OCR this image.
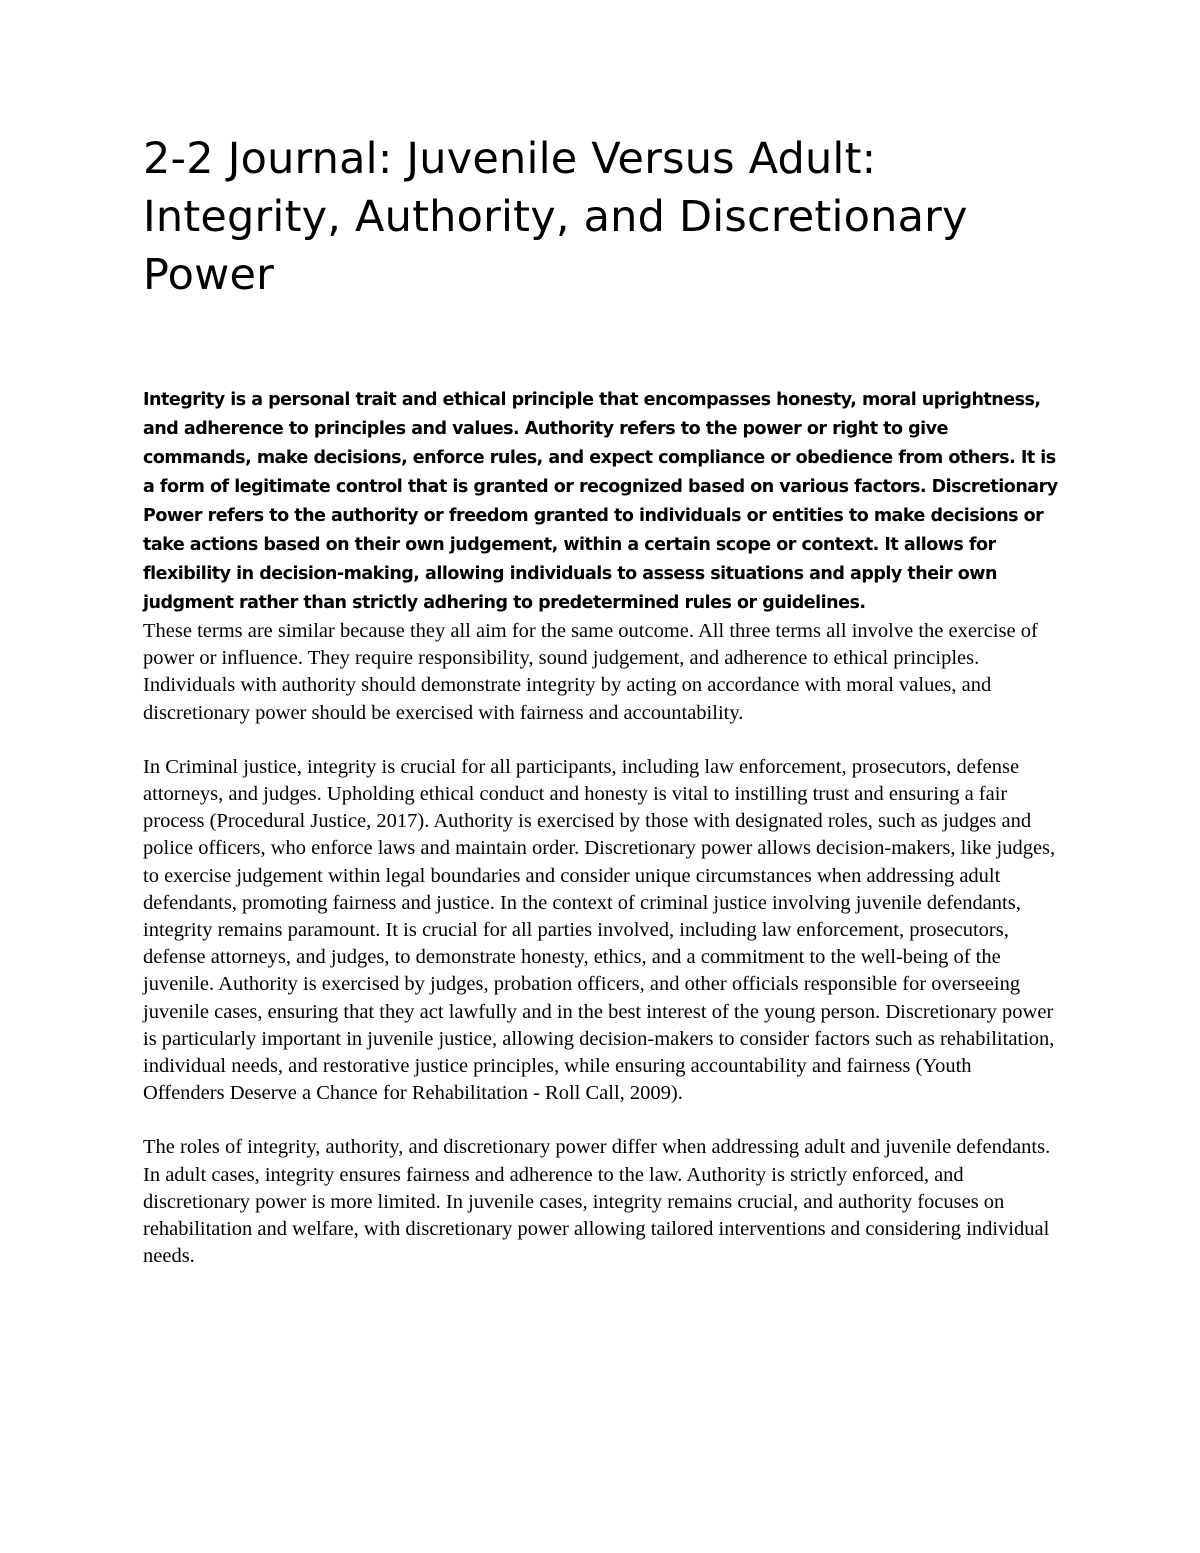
2-2 Journal: Juvenile Versus Adult: Integrity, Authority, and Discretionary Power

Integrity is a personal trait and ethical principle that encompasses honesty, moral uprightness, and adherence to principles and values. Authority refers to the power or right to give commands, make decisions, enforce rules, and expect compliance or obedience from others. It is a form of legitimate control that is granted or recognized based on various factors. Discretionary Power refers to the authority or freedom granted to individuals or entities to make decisions or take actions based on their own judgement, within a certain scope or context. It allows for flexibility in decision-making, allowing individuals to assess situations and apply their own judgment rather than strictly adhering to predetermined rules or guidelines.

These terms are similar because they all aim for the same outcome. All three terms all involve the exercise of power or influence. They require responsibility, sound judgement, and adherence to ethical principles. Individuals with authority should demonstrate integrity by acting on accordance with moral values, and discretionary power should be exercised with fairness and accountability.

In Criminal justice, integrity is crucial for all participants, including law enforcement, prosecutors, defense attorneys, and judges. Upholding ethical conduct and honesty is vital to instilling trust and ensuring a fair process (Procedural Justice, 2017). Authority is exercised by those with designated roles, such as judges and police officers, who enforce laws and maintain order. Discretionary power allows decision-makers, like judges, to exercise judgement within legal boundaries and consider unique circumstances when addressing adult defendants, promoting fairness and justice. In the context of criminal justice involving juvenile defendants, integrity remains paramount. It is crucial for all parties involved, including law enforcement, prosecutors, defense attorneys, and judges, to demonstrate honesty, ethics, and a commitment to the well-being of the juvenile. Authority is exercised by judges, probation officers, and other officials responsible for overseeing juvenile cases, ensuring that they act lawfully and in the best interest of the young person. Discretionary power is particularly important in juvenile justice, allowing decision-makers to consider factors such as rehabilitation, individual needs, and restorative justice principles, while ensuring accountability and fairness (Youth Offenders Deserve a Chance for Rehabilitation - Roll Call, 2009).

The roles of integrity, authority, and discretionary power differ when addressing adult and juvenile defendants. In adult cases, integrity ensures fairness and adherence to the law. Authority is strictly enforced, and discretionary power is more limited. In juvenile cases, integrity remains crucial, and authority focuses on rehabilitation and welfare, with discretionary power allowing tailored interventions and considering individual needs.
